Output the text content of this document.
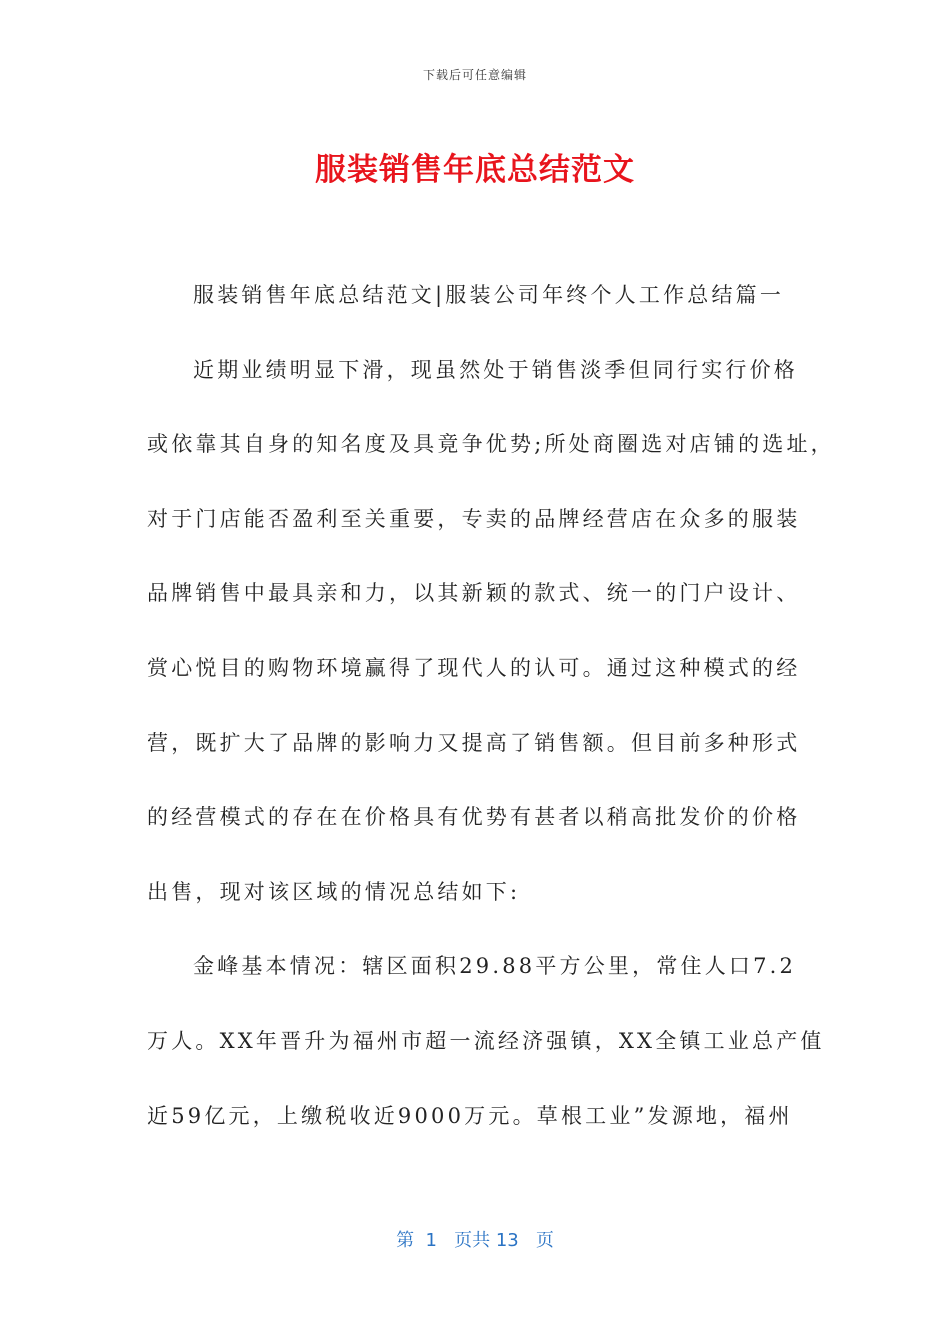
下载后可任意编辑
服装销售年底总结范文
服装销售年底总结范文|服装公司年终个人工作总结篇一
近期业绩明显下滑，现虽然处于销售淡季但同行实行价格
或依靠其自身的知名度及具竟争优势;所处商圈选对店铺的选址，
对于门店能否盈利至关重要，专卖的品牌经营店在众多的服装
品牌销售中最具亲和力，以其新颖的款式、统一的门户设计、
赏心悦目的购物环境赢得了现代人的认可。通过这种模式的经
营，既扩大了品牌的影响力又提高了销售额。但目前多种形式
的经营模式的存在在价格具有优势有甚者以稍高批发价的价格
出售，现对该区域的情况总结如下:
金峰基本情况：辖区面积29.88平方公里，常住人口7.2
万人。XX年晋升为福州市超一流经济强镇，XX全镇工业总产值
近59亿元，上缴税收近9000万元。草根工业”发源地，福州
第  1   页共 13   页
